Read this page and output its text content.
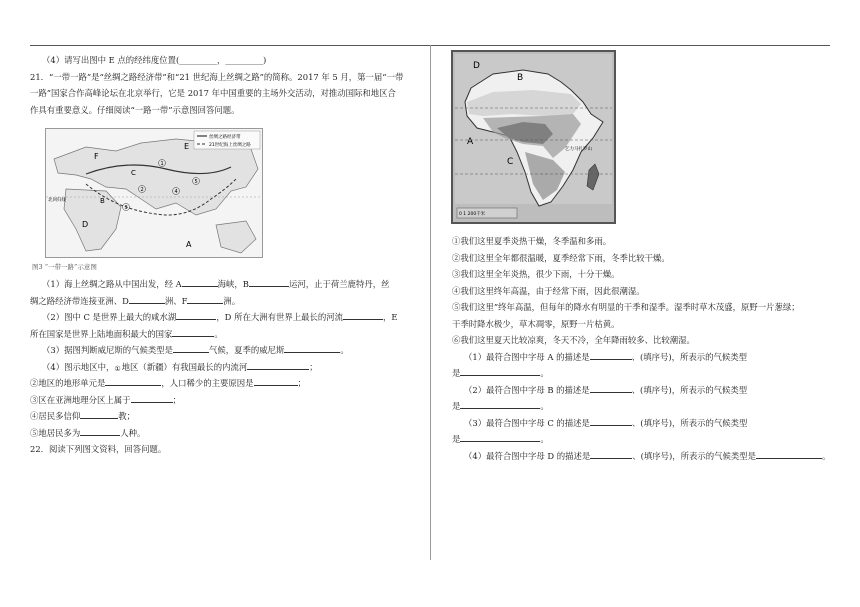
（4）请写出图中 E 点的经纬度位置(_________，_________)
21．“一带一路”是“丝绸之路经济带”和“21 世纪海上丝绸之路”的简称。2017 年 5 月，第一届“一带
一路”国家合作高峰论坛在北京举行，它是 2017 年中国重要的主场外交活动，对推动国际和地区合
作具有重要意义。仔细阅读“一路一带”示意图回答问题。
丝绸之路经济带
21世纪海上丝绸之路
F
E
C
B
D
A
北回归线
1
2
3
4
5
图3 “一带一路”示意图
（1）海上丝绸之路从中国出发，经 A	海峡，B	运河，止于荷兰鹿特丹，丝
绸之路经济带连接亚洲、D	洲、F	洲。
（2）图中 C 是世界上最大的咸水湖	，D 所在大洲有世界上最长的河流	，E
所在国家是世界上陆地面积最大的国家	。
（3）据图判断威尼斯的气候类型是	气候，夏季的威尼斯	。
（4）图示地区中，①地区（新疆）有我国最长的内流河	；
②地区的地形单元是	，人口稀少的主要原因是	；
③区在亚洲地理分区上属于	；
④居民多信仰	教；
⑤地居民多为	人种。
22．阅读下列图文资料，回答问题。
D
B
A
C
乞力马扎罗山
0 1 200千米
①我们这里夏季炎热干燥，冬季温和多雨。
②我们这里全年都很温暖，夏季经常下雨，冬季比较干燥。
③我们这里全年炎热，很少下雨，十分干燥。
④我们这里终年高温，由于经常下雨，因此很潮湿。
⑤我们这里”终年高温，但每年的降水有明显的干季和湿季。湿季时草木茂盛，原野一片葱绿；
干季时降水极少，草木凋零，原野一片枯黄。
⑥我们这里夏天比较凉爽，冬天不冷，全年降雨较多、比较潮湿。
（1）最符合图中字母 A 的描述是	、(填序号)，所表示的气候类型
是	。
（2）最符合图中字母 B 的描述是	、(填序号)，所表示的气候类型
是	。
（3）最符合图中字母 C 的描述是	、(填序号)，所表示的气候类型
是	。
（4）最符合图中字母 D 的描述是	、(填序号)，所表示的气候类型是	。
